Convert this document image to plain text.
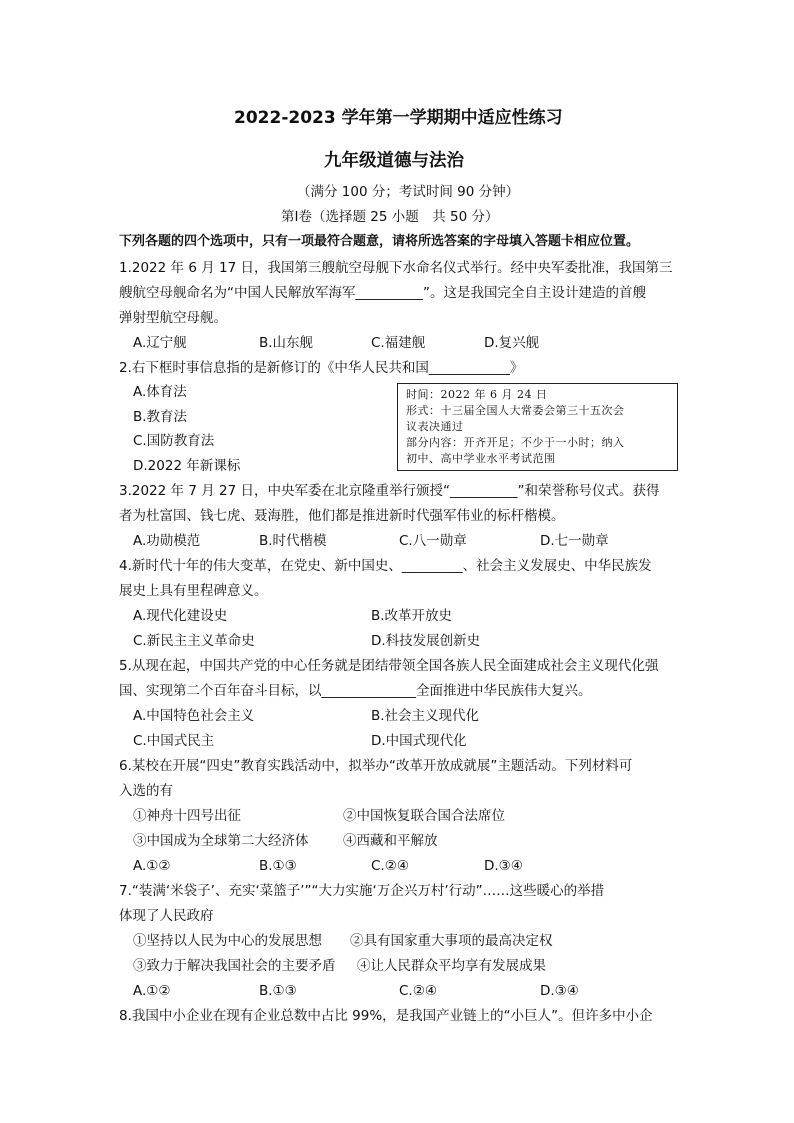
2022-2023 学年第一学期期中适应性练习
九年级道德与法治
（满分 100 分；考试时间 90 分钟）
第Ⅰ卷（选择题 25 小题　共 50 分）
下列各题的四个选项中，只有一项最符合题意，请将所选答案的字母填入答题卡相应位置。
1.2022 年 6 月 17 日，我国第三艘航空母舰下水命名仪式举行。经中央军委批准，我国第三
艘航空母舰命名为“中国人民解放军海军__________”。这是我国完全自主设计建造的首艘
弹射型航空母舰。
A.辽宁舰	B.山东舰	C.福建舰	D.复兴舰
2.右下框时事信息指的是新修订的《中华人民共和国____________》
A.体育法
B.教育法
C.国防教育法
D.2022 年新课标
时间：2022 年 6 月 24 日
形式：十三届全国人大常委会第三十五次会
议表决通过
部分内容：开齐开足；不少于一小时；纳入
初中、高中学业水平考试范围
3.2022 年 7 月 27 日，中央军委在北京隆重举行颁授“__________”和荣誉称号仪式。获得
者为杜富国、钱七虎、聂海胜，他们都是推进新时代强军伟业的标杆楷模。
A.功勋模范	B.时代楷模	C.八一勋章	D.七一勋章
4.新时代十年的伟大变革，在党史、新中国史、_________、社会主义发展史、中华民族发
展史上具有里程碑意义。
A.现代化建设史	B.改革开放史
C.新民主主义革命史	D.科技发展创新史
5.从现在起，中国共产党的中心任务就是团结带领全国各族人民全面建成社会主义现代化强
国、实现第二个百年奋斗目标，以______________全面推进中华民族伟大复兴。
A.中国特色社会主义	B.社会主义现代化
C.中国式民主	D.中国式现代化
6.某校在开展“四史”教育实践活动中，拟举办“改革开放成就展”主题活动。下列材料可
入选的有
①神舟十四号出征	②中国恢复联合国合法席位
③中国成为全球第二大经济体	④西藏和平解放
A.①②	B.①③	C.②④	D.③④
7.“装满‘米袋子’、充实‘菜篮子’”“大力实施‘万企兴万村’行动”……这些暖心的举措
体现了人民政府
①坚持以人民为中心的发展思想 ②具有国家重大事项的最高决定权
③致力于解决我国社会的主要矛盾 ④让人民群众平均享有发展成果
A.①②	B.①③	C.②④	D.③④
8.我国中小企业在现有企业总数中占比 99%，是我国产业链上的“小巨人”。但许多中小企
